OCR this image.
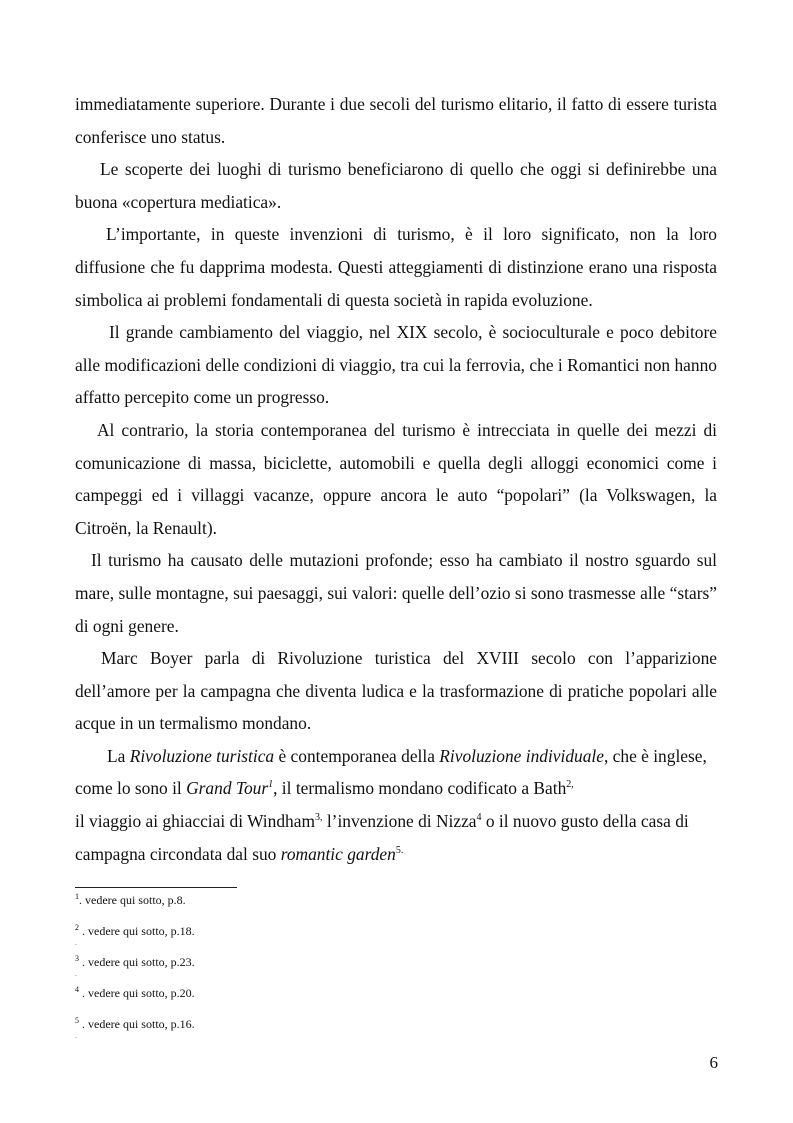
immediatamente superiore. Durante i due secoli del turismo elitario, il fatto di essere turista conferisce uno status.

Le scoperte dei luoghi di turismo beneficiarono di quello che oggi si definirebbe una buona «copertura mediatica».

L’importante, in queste invenzioni di turismo, è il loro significato, non la loro diffusione che fu dapprima modesta. Questi atteggiamenti di distinzione erano una risposta simbolica ai problemi fondamentali di questa società in rapida evoluzione.

Il grande cambiamento del viaggio, nel XIX secolo, è socioculturale e poco debitore alle modificazioni delle condizioni di viaggio, tra cui la ferrovia, che i Romantici non hanno affatto percepito come un progresso.

Al contrario, la storia contemporanea del turismo è intrecciata in quelle dei mezzi di comunicazione di massa, biciclette, automobili e quella degli alloggi economici come i campeggi ed i villaggi vacanze, oppure ancora le auto “popolari” (la Volkswagen, la Citroën, la Renault).

Il turismo ha causato delle mutazioni profonde; esso ha cambiato il nostro sguardo sul mare, sulle montagne, sui paesaggi, sui valori: quelle dell’ozio si sono trasmesse alle “stars” di ogni genere.

Marc Boyer parla di Rivoluzione turistica del XVIII secolo con l’apparizione dell’amore per la campagna che diventa ludica e la trasformazione di pratiche popolari alle acque in un termalismo mondano.

La Rivoluzione turistica è contemporanea della Rivoluzione individuale, che è inglese, come lo sono il Grand Tour$^1$, il termalismo mondano codificato a Bath$^{2,}$
il viaggio ai ghiacciai di Windham$^{3,}$ l’invenzione di Nizza$^4$ o il nuovo gusto della casa di campagna circondata dal suo romantic garden$^{5.}$

$^1$. vedere qui sotto, p.8.
$^2$ . vedere qui sotto, p.18.
.
$^3$ . vedere qui sotto, p.23.
.
$^4$ . vedere qui sotto, p.20.
$^5$ . vedere qui sotto, p.16.
.
6
